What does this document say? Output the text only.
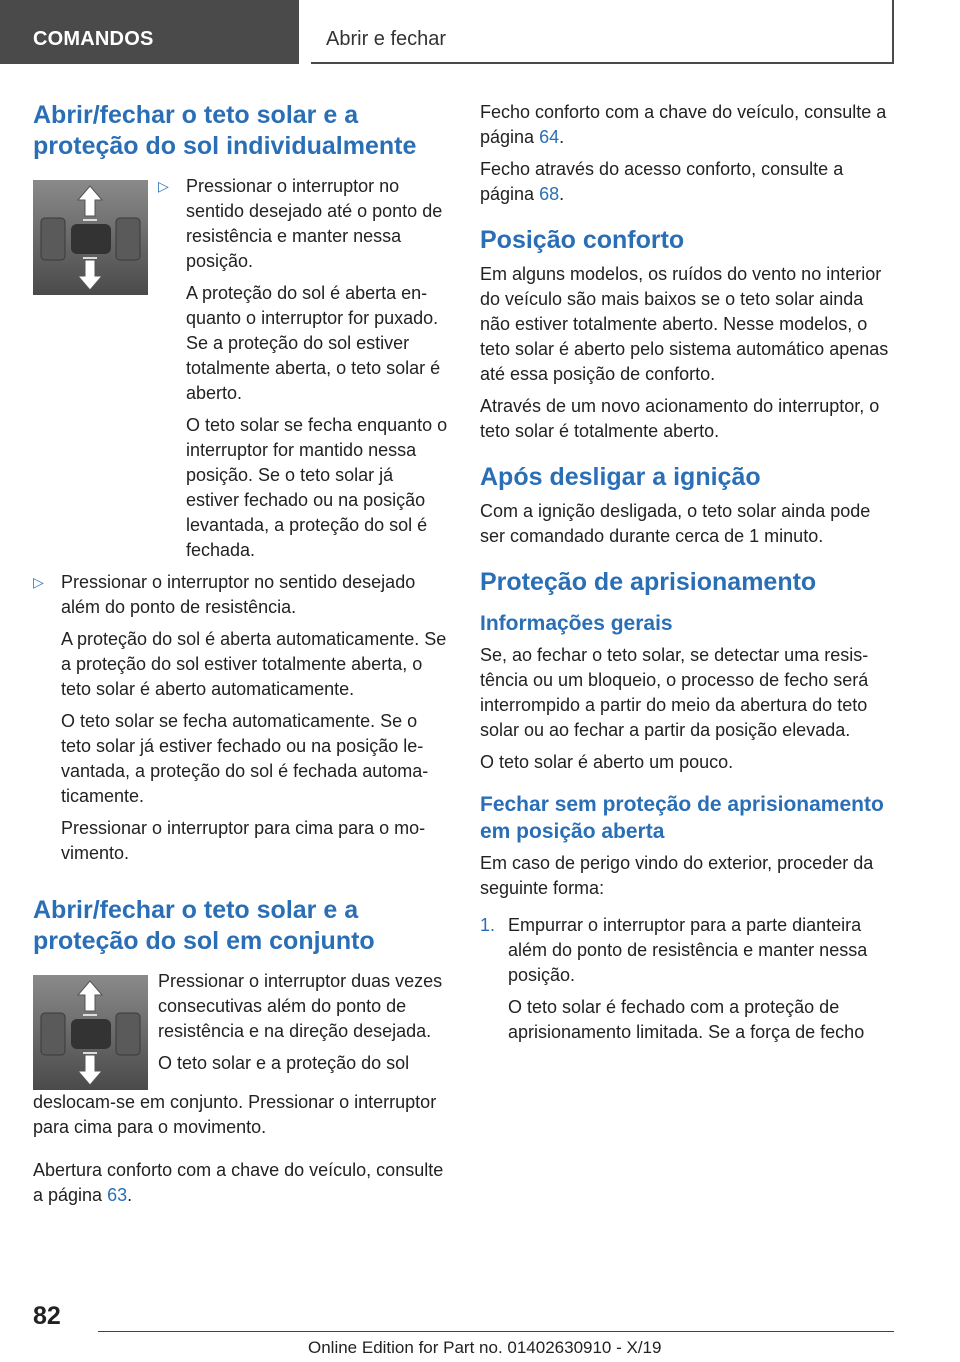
COMANDOS	Abrir e fechar
Abrir/fechar o teto solar e a proteção do sol individualmente
▷ Pressionar o interruptor no sentido desejado até o ponto de resistência e manter nessa posição.

A proteção do sol é aberta enquanto o interruptor for puxado. Se a proteção do sol estiver totalmente aberta, o teto solar é aberto.

O teto solar se fecha enquanto o interruptor for mantido nessa posição. Se o teto solar já estiver fechado ou na posição levantada, a proteção do sol é fechada.

▷ Pressionar o interruptor no sentido desejado além do ponto de resistência.

A proteção do sol é aberta automaticamente. Se a proteção do sol estiver totalmente aberta, o teto solar é aberto automaticamente.

O teto solar se fecha automaticamente. Se o teto solar já estiver fechado ou na posição levantada, a proteção do sol é fechada automaticamente.

Pressionar o interruptor para cima para o movimento.

Abrir/fechar o teto solar e a proteção do sol em conjunto

Pressionar o interruptor duas vezes consecutivas além do ponto de resistência e na direção desejada.

O teto solar e a proteção do sol

deslocam-se em conjunto. Pressionar o interruptor para cima para o movimento.

Abertura conforto com a chave do veículo, consulte a página 63.

Fecho conforto com a chave do veículo, consulte a página 64.

Fecho através do acesso conforto, consulte a página 68.

Posição conforto

Em alguns modelos, os ruídos do vento no interior do veículo são mais baixos se o teto solar ainda não estiver totalmente aberto. Nesse modelos, o teto solar é aberto pelo sistema automático apenas até essa posição de conforto.

Através de um novo acionamento do interruptor, o teto solar é totalmente aberto.

Após desligar a ignição

Com a ignição desligada, o teto solar ainda pode ser comandado durante cerca de 1 minuto.

Proteção de aprisionamento
Informações gerais

Se, ao fechar o teto solar, se detectar uma resistência ou um bloqueio, o processo de fecho será interrompido a partir do meio da abertura do teto solar ou ao fechar a partir da posição elevada.

O teto solar é aberto um pouco.

Fechar sem proteção de aprisionamento em posição aberta

Em caso de perigo vindo do exterior, proceder da seguinte forma:

1. Empurrar o interruptor para a parte dianteira além do ponto de resistência e manter nessa posição.

O teto solar é fechado com a proteção de aprisionamento limitada. Se a força de fecho

82
Online Edition for Part no. 01402630910 - X/19
